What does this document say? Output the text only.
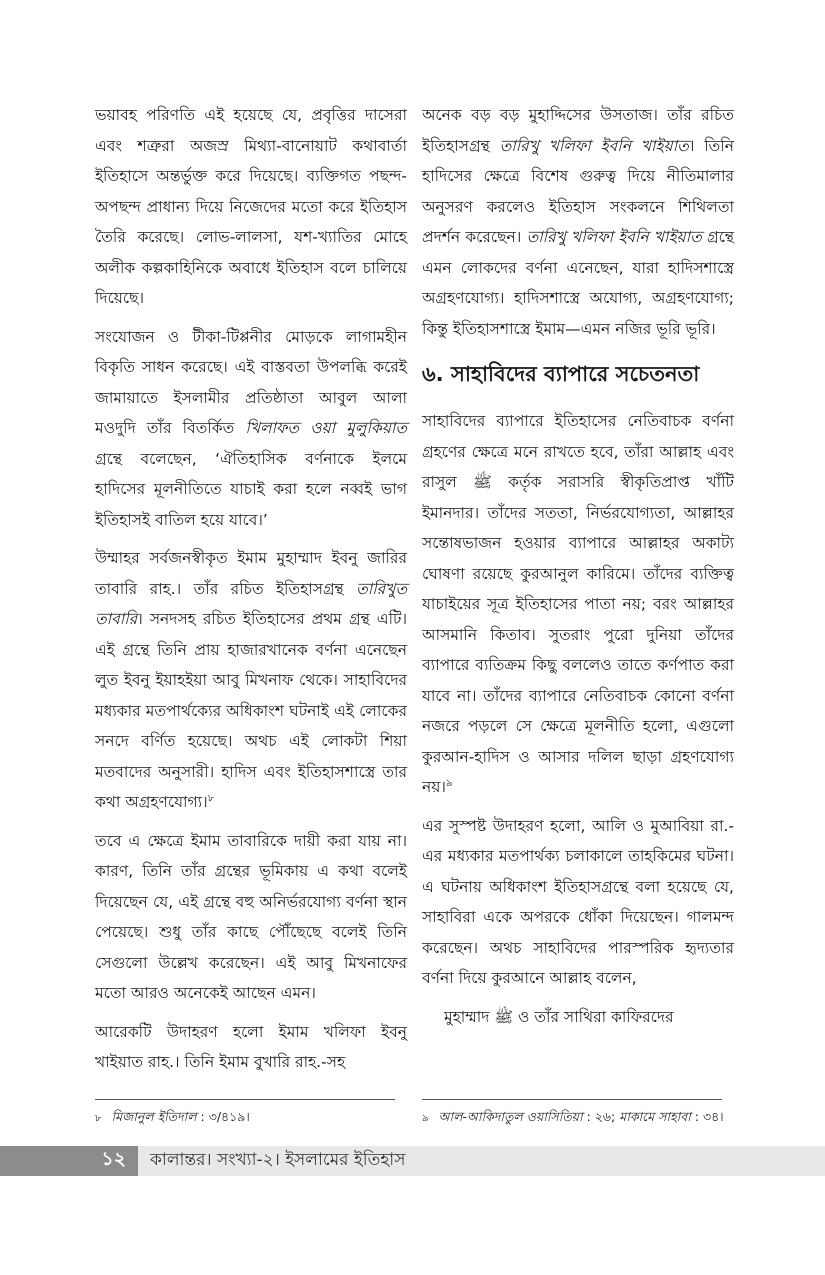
ভয়াবহ পরিণতি এই হয়েছে যে, প্রবৃত্তির দাসেরা এবং শত্রুরা অজস্র মিথ্যা-বানোয়াট কথাবার্তা ইতিহাসে অন্তর্ভুক্ত করে দিয়েছে। ব্যক্তিগত পছন্দ-অপছন্দ প্রাধান্য দিয়ে নিজেদের মতো করে ইতিহাস তৈরি করেছে। লোভ-লালসা, যশ-খ্যাতির মোহে অলীক কল্পকাহিনিকে অবাধে ইতিহাস বলে চালিয়ে দিয়েছে।

সংযোজন ও টীকা-টিপ্পনীর মোড়কে লাগামহীন বিকৃতি সাধন করেছে। এই বাস্তবতা উপলব্ধি করেই জামায়াতে ইসলামীর প্রতিষ্ঠাতা আবুল আলা মওদুদি তাঁর বিতর্কিত খিলাফত ওয়া মুলুকিয়াত গ্রন্থে বলেছেন, ‘ঐতিহাসিক বর্ণনাকে ইলমে হাদিসের মূলনীতিতে যাচাই করা হলে নব্বই ভাগ ইতিহাসই বাতিল হয়ে যাবে।’

উম্মাহর সর্বজনস্বীকৃত ইমাম মুহাম্মাদ ইবনু জারির তাবারি রাহ.। তাঁর রচিত ইতিহাসগ্রন্থ তারিখুত তাবারি। সনদসহ রচিত ইতিহাসের প্রথম গ্রন্থ এটি। এই গ্রন্থে তিনি প্রায় হাজারখানেক বর্ণনা এনেছেন লুত ইবনু ইয়াহইয়া আবু মিখনাফ থেকে। সাহাবিদের মধ্যকার মতপার্থক্যের অধিকাংশ ঘটনাই এই লোকের সনদে বর্ণিত হয়েছে। অথচ এই লোকটা শিয়া মতবাদের অনুসারী। হাদিস এবং ইতিহাসশাস্ত্রে তার কথা অগ্রহণযোগ্য।$^৮$

তবে এ ক্ষেত্রে ইমাম তাবারিকে দায়ী করা যায় না। কারণ, তিনি তাঁর গ্রন্থের ভূমিকায় এ কথা বলেই দিয়েছেন যে, এই গ্রন্থে বহু অনির্ভরযোগ্য বর্ণনা স্থান পেয়েছে। শুধু তাঁর কাছে পৌঁছেছে বলেই তিনি সেগুলো উল্লেখ করেছেন। এই আবু মিখনাফের মতো আরও অনেকেই আছেন এমন।

আরেকটি উদাহরণ হলো ইমাম খলিফা ইবনু খাইয়াত রাহ.। তিনি ইমাম বুখারি রাহ.-সহ

অনেক বড় বড় মুহাদ্দিসের উসতাজ। তাঁর রচিত ইতিহাসগ্রন্থ তারিখু খলিফা ইবনি খাইয়াত। তিনি হাদিসের ক্ষেত্রে বিশেষ গুরুত্ব দিয়ে নীতিমালার অনুসরণ করলেও ইতিহাস সংকলনে শিথিলতা প্রদর্শন করেছেন। তারিখু খলিফা ইবনি খাইয়াত গ্রন্থে এমন লোকদের বর্ণনা এনেছেন, যারা হাদিসশাস্ত্রে অগ্রহণযোগ্য। হাদিসশাস্ত্রে অযোগ্য, অগ্রহণযোগ্য; কিন্তু ইতিহাসশাস্ত্রে ইমাম—এমন নজির ভূরি ভূরি।

৬. সাহাবিদের ব্যাপারে সচেতনতা

সাহাবিদের ব্যাপারে ইতিহাসের নেতিবাচক বর্ণনা গ্রহণের ক্ষেত্রে মনে রাখতে হবে, তাঁরা আল্লাহ এবং রাসুল ﷺ কর্তৃক সরাসরি স্বীকৃতিপ্রাপ্ত খাঁটি ইমানদার। তাঁদের সততা, নির্ভরযোগ্যতা, আল্লাহর সন্তোষভাজন হওয়ার ব্যাপারে আল্লাহর অকাট্য ঘোষণা রয়েছে কুরআনুল কারিমে। তাঁদের ব্যক্তিত্ব যাচাইয়ের সূত্র ইতিহাসের পাতা নয়; বরং আল্লাহর আসমানি কিতাব। সুতরাং পুরো দুনিয়া তাঁদের ব্যাপারে ব্যতিক্রম কিছু বললেও তাতে কর্ণপাত করা যাবে না। তাঁদের ব্যাপারে নেতিবাচক কোনো বর্ণনা নজরে পড়লে সে ক্ষেত্রে মূলনীতি হলো, এগুলো কুরআন-হাদিস ও আসার দলিল ছাড়া গ্রহণযোগ্য নয়।$^৯$

এর সুস্পষ্ট উদাহরণ হলো, আলি ও মুআবিয়া রা.-এর মধ্যকার মতপার্থক্য চলাকালে তাহকিমের ঘটনা। এ ঘটনায় অধিকাংশ ইতিহাসগ্রন্থে বলা হয়েছে যে, সাহাবিরা একে অপরকে ধোঁকা দিয়েছেন। গালমন্দ করেছেন। অথচ সাহাবিদের পারস্পরিক হৃদ্যতার বর্ণনা দিয়ে কুরআনে আল্লাহ বলেন,

মুহাম্মাদ ﷺ ও তাঁর সাথিরা কাফিরদের

৮ মিজানুল ইতিদাল : ৩/৪১৯।	৯ আল-আকিদাতুল ওয়াসিতিয়া : ২৬; মাকামে সাহাবা : ৩৪।
১২	কালান্তর। সংখ্যা-২। ইসলামের ইতিহাস
